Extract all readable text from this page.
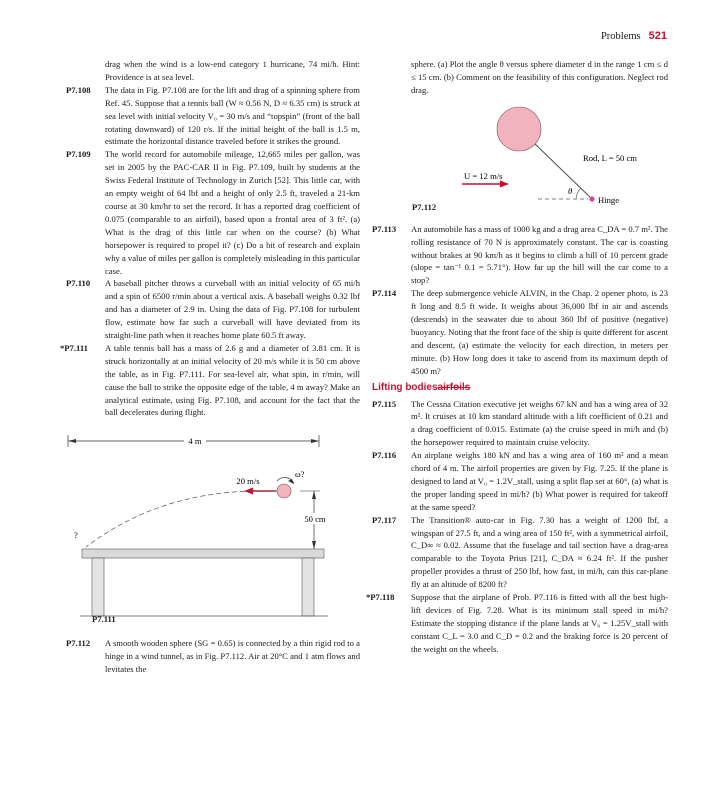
Problems 521

drag when the wind is a low-end category 1 hurricane, 74 mi/h. Hint: Providence is at sea level.

P7.108 The data in Fig. P7.108 are for the lift and drag of a spinning sphere from Ref. 45. Suppose that a tennis ball (W ≈ 0.56 N, D ≈ 6.35 cm) is struck at sea level with initial velocity V₀ = 30 m/s and “topspin” (front of the ball rotating downward) of 120 r/s. If the initial height of the ball is 1.5 m, estimate the horizontal distance traveled before it strikes the ground.

P7.109 The world record for automobile mileage, 12,665 miles per gallon, was set in 2005 by the PAC-CAR II in Fig. P7.109, built by students at the Swiss Federal Institute of Technology in Zurich [52]. This little car, with an empty weight of 64 lbf and a height of only 2.5 ft, traveled a 21-km course at 30 km/hr to set the record. It has a reported drag coefficient of 0.075 (comparable to an airfoil), based upon a frontal area of 3 ft². (a) What is the drag of this little car when on the course? (b) What horsepower is required to propel it? (c) Do a bit of research and explain why a value of miles per gallon is completely misleading in this particular case.

P7.110 A baseball pitcher throws a curveball with an initial velocity of 65 mi/h and a spin of 6500 r/min about a vertical axis. A baseball weighs 0.32 lbf and has a diameter of 2.9 in. Using the data of Fig. P7.108 for turbulent flow, estimate how far such a curveball will have deviated from its straight-line path when it reaches home plate 60.5 ft away.

*P7.111 A table tennis ball has a mass of 2.6 g and a diameter of 3.81 cm. It is struck horizontally at an initial velocity of 20 m/s while it is 50 cm above the table, as in Fig. P7.111. For sea-level air, what spin, in r/min, will cause the ball to strike the opposite edge of the table, 4 m away? Make an analytical estimate, using Fig. P7.108, and account for the fact that the ball decelerates during flight.

4 m
20 m/s
ω?
50 cm
?
P7.111
P7.112 A smooth wooden sphere (SG = 0.65) is connected by a thin rigid rod to a hinge in a wind tunnel, as in Fig. P7.112. Air at 20°C and 1 atm flows and levitates the

sphere. (a) Plot the angle θ versus sphere diameter d in the range 1 cm ≤ d ≤ 15 cm. (b) Comment on the feasibility of this configuration. Neglect rod drag.

Rod, L = 50 cm
U = 12 m/s
θ
Hinge
P7.112
P7.113 An automobile has a mass of 1000 kg and a drag area C_DA = 0.7 m². The rolling resistance of 70 N is approximately constant. The car is coasting without brakes at 90 km/h as it begins to climb a hill of 10 percent grade (slope = tan⁻¹ 0.1 = 5.71°). How far up the hill will the car come to a stop?

P7.114 The deep submergence vehicle ALVIN, in the Chap. 2 opener photo, is 23 ft long and 8.5 ft wide. It weighs about 36,000 lbf in air and ascends (descends) in the seawater due to about 360 lbf of positive (negative) buoyancy. Noting that the front face of the ship is quite different for ascent and descent, (a) estimate the velocity for each direction, in meters per minute. (b) How long does it take to ascend from its maximum depth of 4500 m?

Lifting bodiesairfoils
P7.115 The Cessna Citation executive jet weighs 67 kN and has a wing area of 32 m². It cruises at 10 km standard altitude with a lift coefficient of 0.21 and a drag coefficient of 0.015. Estimate (a) the cruise speed in mi/h and (b) the horsepower required to maintain cruise velocity.

P7.116 An airplane weighs 180 kN and has a wing area of 160 m² and a mean chord of 4 m. The airfoil properties are given by Fig. 7.25. If the plane is designed to land at V₀ = 1.2V_stall, using a split flap set at 60°, (a) what is the proper landing speed in mi/h? (b) What power is required for takeoff at the same speed?

P7.117 The Transition® auto-car in Fig. 7.30 has a weight of 1200 lbf, a wingspan of 27.5 ft, and a wing area of 150 ft², with a symmetrical airfoil, C_D∞ ≈ 0.02. Assume that the fuselage and tail section have a drag-area comparable to the Toyota Prius [21], C_DA ≈ 6.24 ft². If the pusher propeller provides a thrust of 250 lbf, how fast, in mi/h, can this car-plane fly at an altitude of 8200 ft?

*P7.118 Suppose that the airplane of Prob. P7.116 is fitted with all the best high-lift devices of Fig. 7.28. What is its minimum stall speed in mi/h? Estimate the stopping distance if the plane lands at V₀ = 1.25V_stall with constant C_L = 3.0 and C_D = 0.2 and the braking force is 20 percent of the weight on the wheels.
